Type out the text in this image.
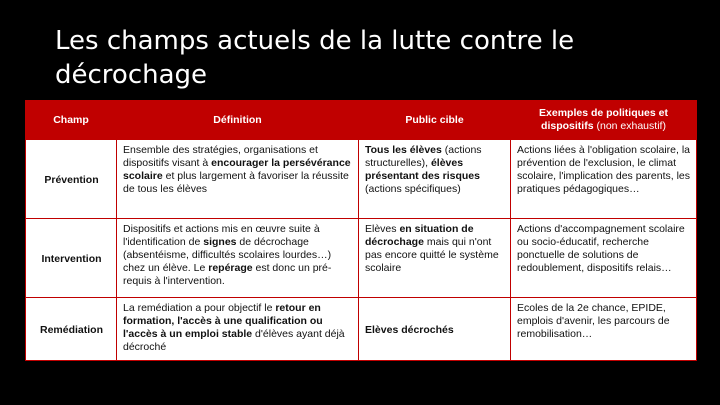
Les champs actuels de la lutte contre le décrochage
Champ	Définition	Public cible	Exemples de politiques et dispositifs (non exhaustif)
Prévention	Ensemble des stratégies, organisations et dispositifs visant à encourager la persévérance scolaire et plus largement à favoriser la réussite de tous les élèves	Tous les élèves (actions structurelles), élèves présentant des risques (actions spécifiques)	Actions liées à l'obligation scolaire, la prévention de l'exclusion, le climat scolaire, l'implication des parents, les pratiques pédagogiques…
Intervention	Dispositifs et actions mis en œuvre suite à l'identification de signes de décrochage (absentéisme, difficultés scolaires lourdes…) chez un élève. Le repérage est donc un pré-requis à l'intervention.	Elèves en situation de décrochage mais qui n'ont pas encore quitté le système scolaire	Actions d'accompagnement scolaire ou socio-éducatif, recherche ponctuelle de solutions de redoublement, dispositifs relais…
Remédiation	La remédiation a pour objectif le retour en formation, l'accès à une qualification ou l'accès à un emploi stable d'élèves ayant déjà décroché	Elèves décrochés	Ecoles de la 2e chance, EPIDE, emplois d'avenir, les parcours de remobilisation…
